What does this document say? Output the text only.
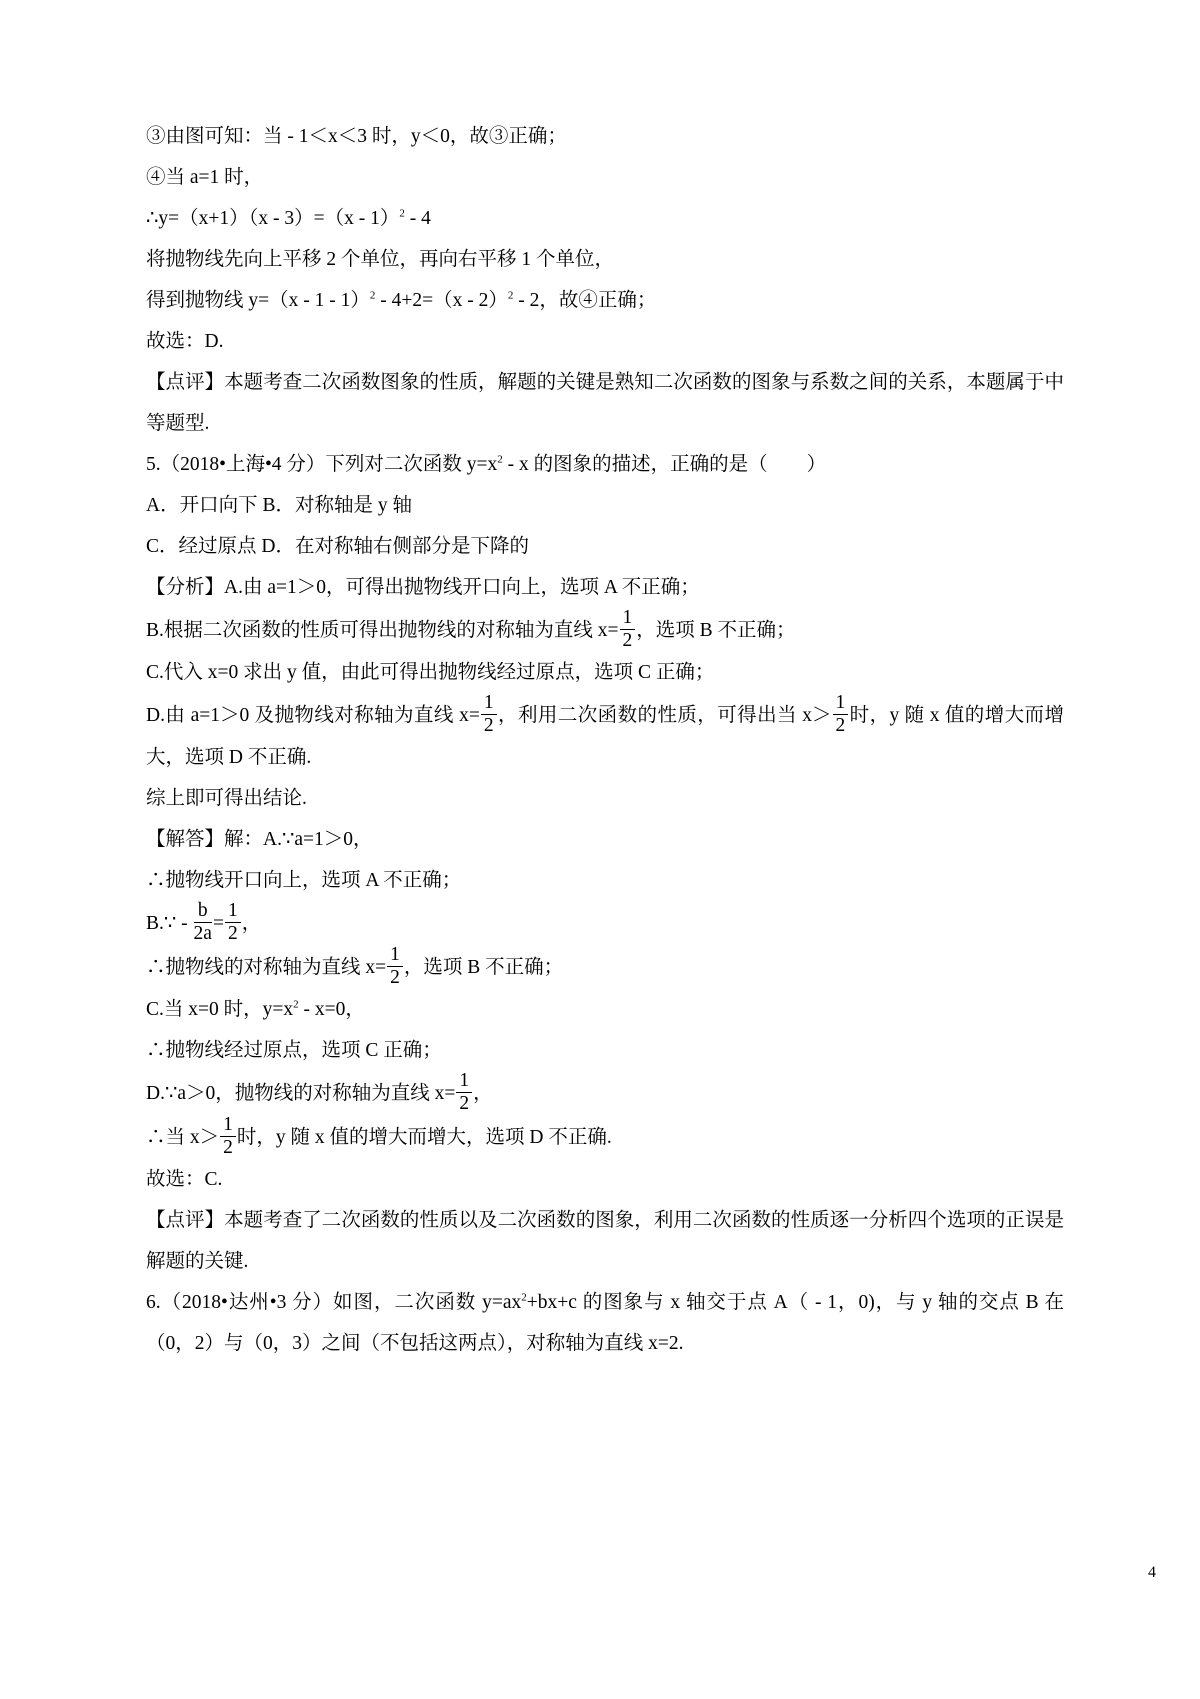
③由图可知：当 - 1＜x＜3 时，y＜0，故③正确；

④当 a=1 时，

∴y=（x+1）（x - 3）=（x - 1）$^2$ - 4

将抛物线先向上平移 2 个单位，再向右平移 1 个单位，

得到抛物线 y=（x - 1 - 1）$^2$ - 4+2=（x - 2）$^2$ - 2，故④正确；

故选：D.

【点评】本题考查二次函数图象的性质，解题的关键是熟知二次函数的图象与系数之间的关系，本题属于中等题型.

5.（2018•上海•4 分）下列对二次函数 $y=x^2 - x$ 的图象的描述，正确的是（　　）

A．开口向下 B．对称轴是 y 轴

C．经过原点 D．在对称轴右侧部分是下降的

【分析】A.由 a=1＞0，可得出抛物线开口向上，选项 A 不正确；

B.根据二次函数的性质可得出抛物线的对称轴为直线 $x= \frac{1}{2}$ ，选项 B 不正确；

C.代入 x=0 求出 y 值，由此可得出抛物线经过原点，选项 C 正确；

D.由 a=1＞0 及抛物线对称轴为直线 $x= \frac{1}{2}$ ，利用二次函数的性质，可得出当 $x> \frac{1}{2}$ 时，y 随 x 值的增大而增大，选项 D 不正确.

综上即可得出结论.

【解答】解：A.∵a=1＞0，

∴抛物线开口向上，选项 A 不正确；

B.∵ - $\frac{b}{2a} = \frac{1}{2}$ ，

∴抛物线的对称轴为直线 $x= \frac{1}{2}$ ，选项 B 不正确；

C.当 x=0 时，$y=x^2 - x=0$，

∴抛物线经过原点，选项 C 正确；

D.∵a＞0，抛物线的对称轴为直线 $x= \frac{1}{2}$ ，

∴当 $x> \frac{1}{2}$ 时，y 随 x 值的增大而增大，选项 D 不正确.

故选：C.

【点评】本题考查了二次函数的性质以及二次函数的图象，利用二次函数的性质逐一分析四个选项的正误是解题的关键.

6.（2018•达州•3 分）如图，二次函数 $y=ax^2+bx+c$ 的图象与 x 轴交于点 A（ - 1，0)，与 y 轴的交点 B 在（0，2）与（0，3）之间（不包括这两点），对称轴为直线 x=2.

4
